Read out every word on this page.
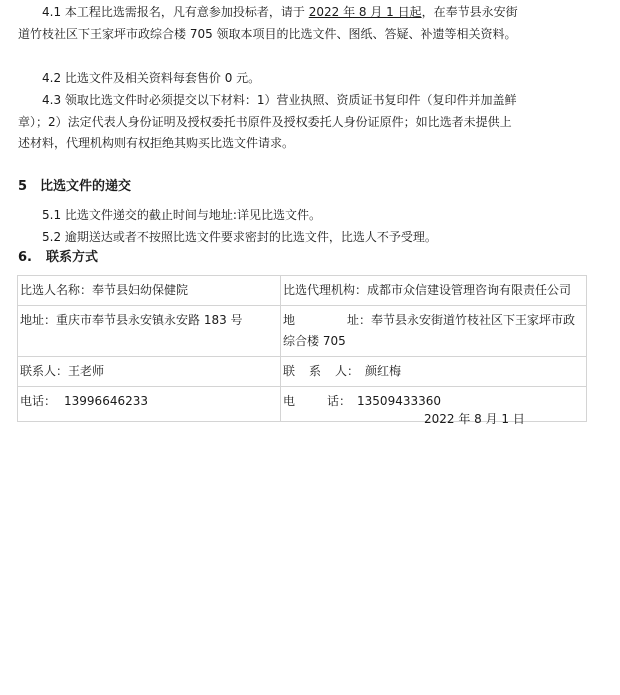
4.1 本工程比选需报名，凡有意参加投标者，请于 2022 年 8 月 1 日起，在奉节县永安街道竹枝社区下王家坪市政综合楼 705 领取本项目的比选文件、图纸、答疑、补遗等相关资料。
4.2 比选文件及相关资料每套售价 0 元。
4.3 领取比选文件时必须提交以下材料：1）营业执照、资质证书复印件（复印件并加盖鲜章）；2）法定代表人身份证明及授权委托书原件及授权委托人身份证原件；如比选者未提供上述材料，代理机构则有权拒绝其购买比选文件请求。
5 比选文件的递交
5.1 比选文件递交的截止时间与地址:详见比选文件。
5.2 逾期送达或者不按照比选文件要求密封的比选文件，比选人不予受理。
6. 联系方式
比选人名称：奉节县妇幼保健院	比选代理机构：成都市众信建设管理咨询有限责任公司
地址：重庆市奉节县永安镇永安路 183 号	地 址：奉节县永安街道竹枝社区下王家坪市政综合楼 705
联系人：王老师	联 系 人： 颜红梅
电话： 13996646233	电 话： 13509433360
2022 年 8 月 1 日
